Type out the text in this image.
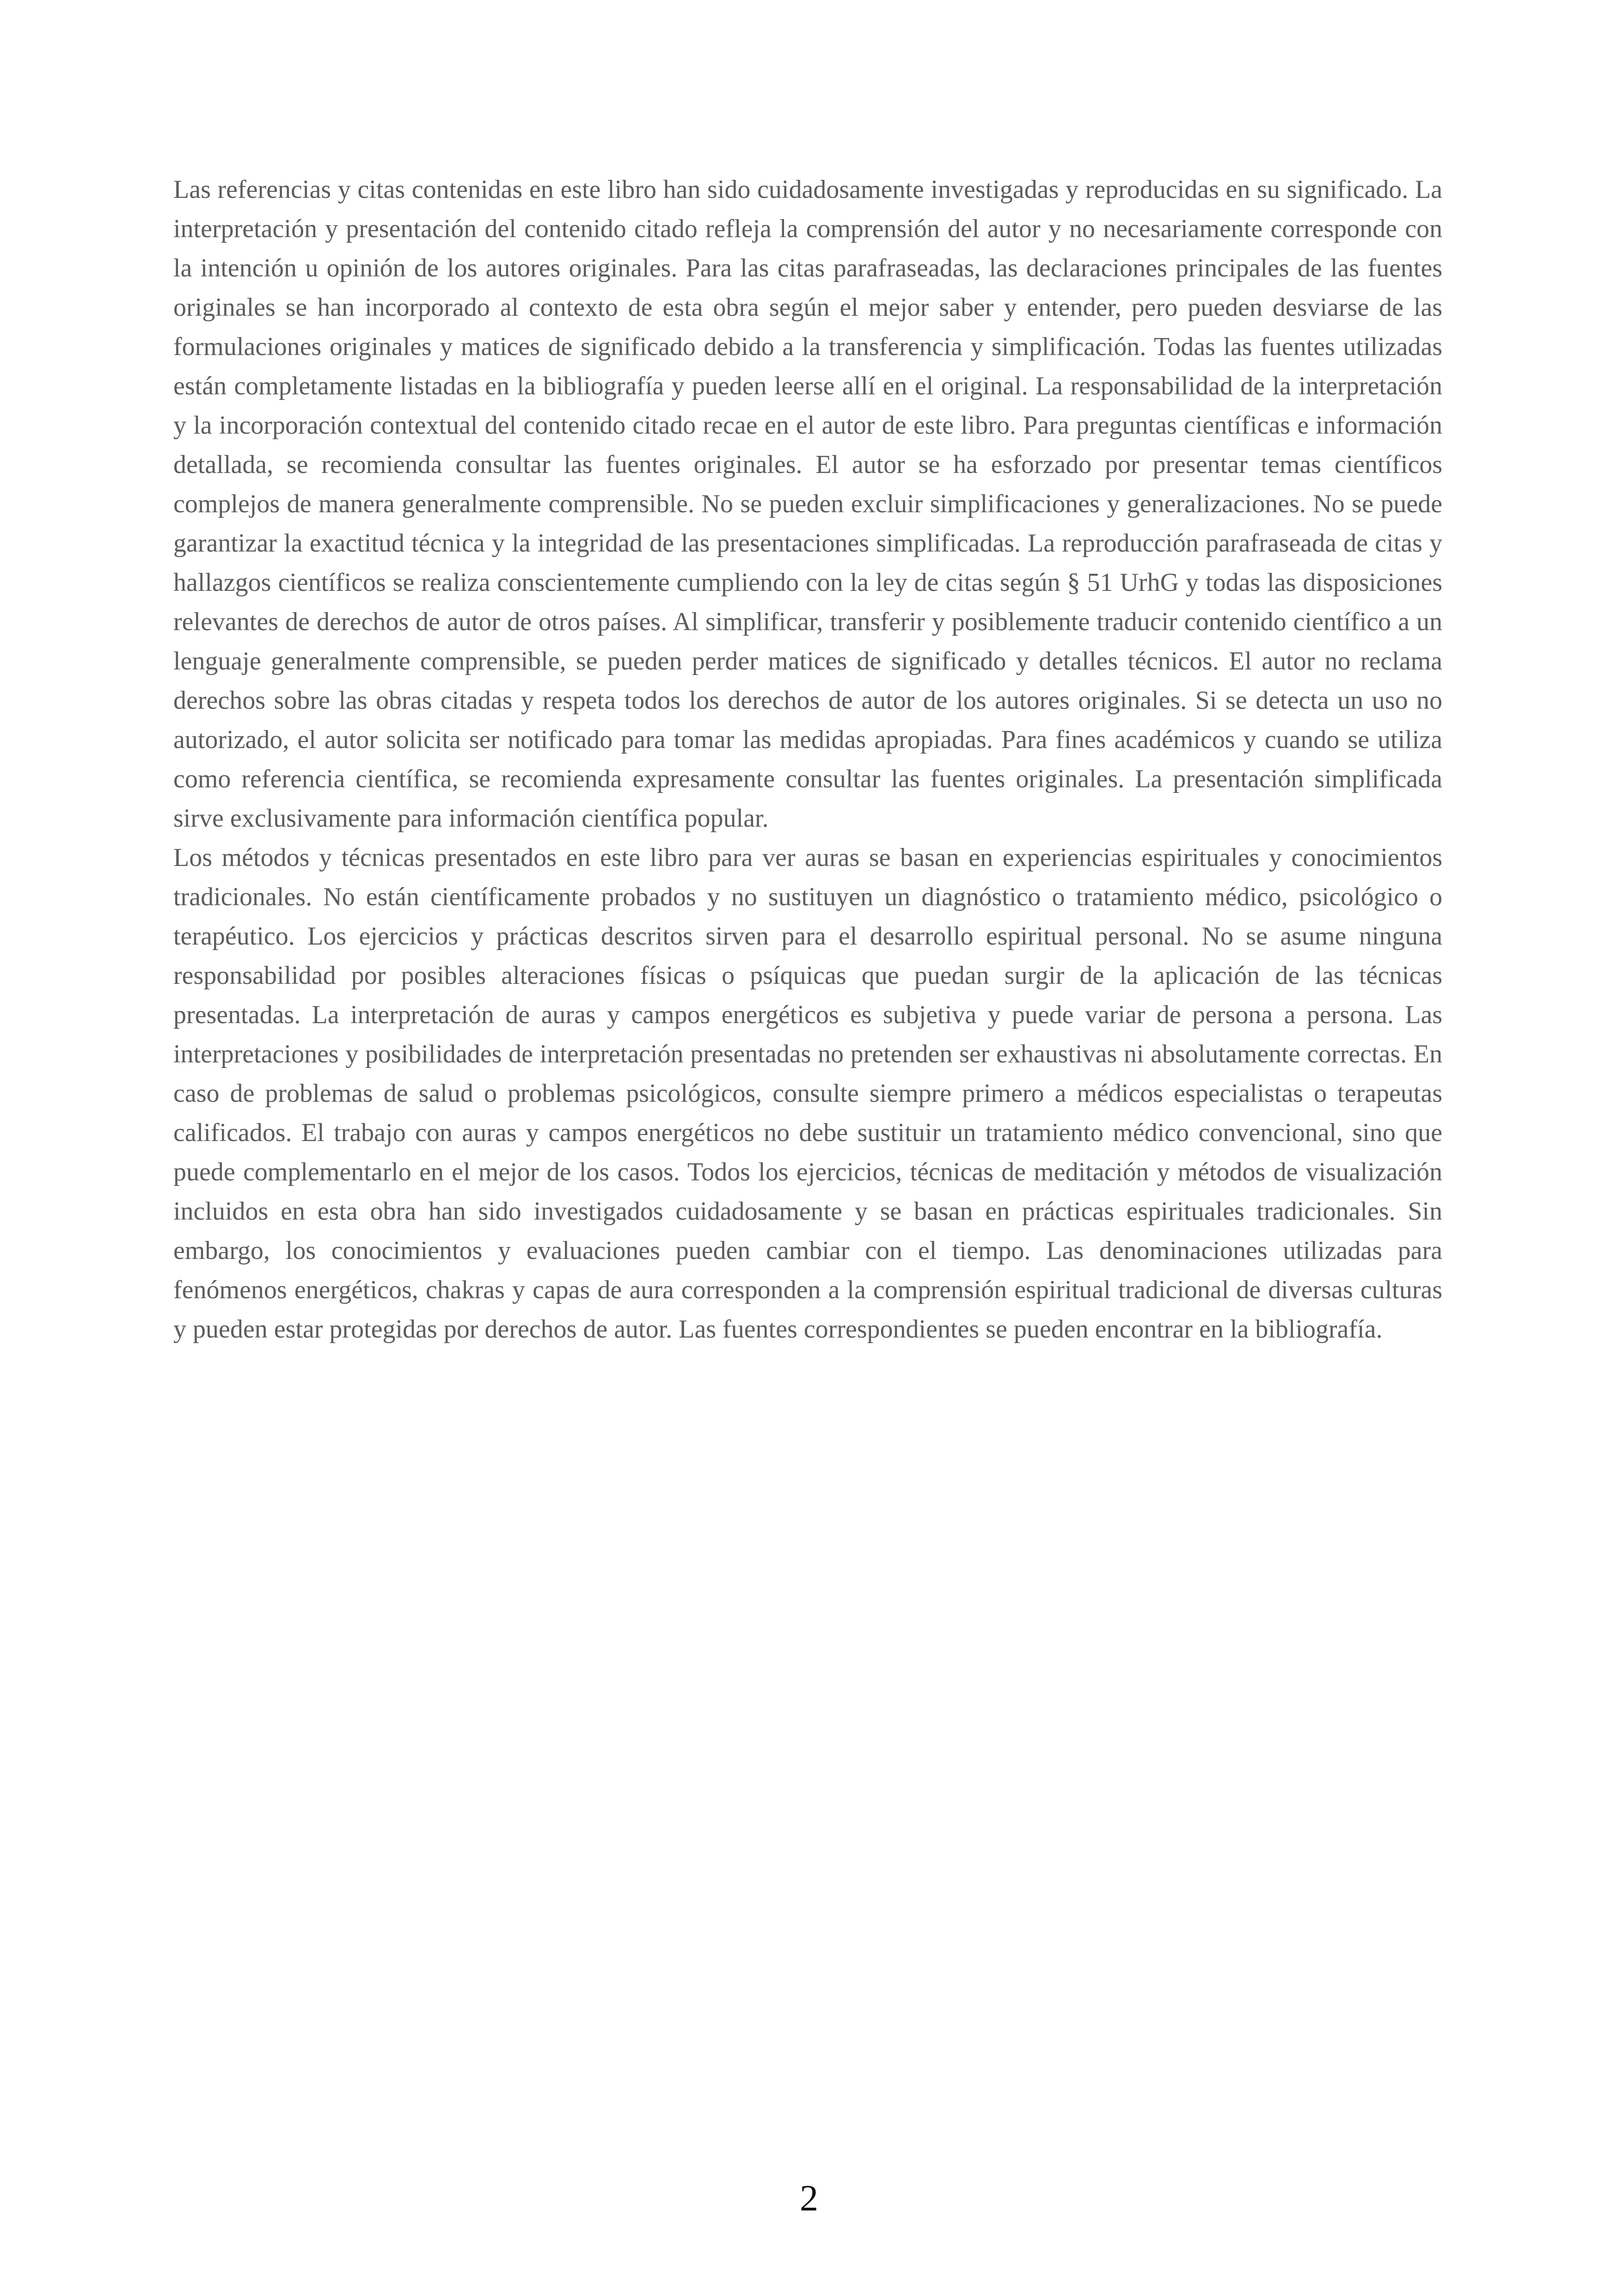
Las referencias y citas contenidas en este libro han sido cuidadosamente investigadas y reproducidas en su significado. La interpretación y presentación del contenido citado refleja la comprensión del autor y no necesariamente corresponde con la intención u opinión de los autores originales. Para las citas parafraseadas, las declaraciones principales de las fuentes originales se han incorporado al contexto de esta obra según el mejor saber y entender, pero pueden desviarse de las formulaciones originales y matices de significado debido a la transferencia y simplificación. Todas las fuentes utilizadas están completamente listadas en la bibliografía y pueden leerse allí en el original. La responsabilidad de la interpretación y la incorporación contextual del contenido citado recae en el autor de este libro. Para preguntas científicas e información detallada, se recomienda consultar las fuentes originales. El autor se ha esforzado por presentar temas científicos complejos de manera generalmente comprensible. No se pueden excluir simplificaciones y generalizaciones. No se puede garantizar la exactitud técnica y la integridad de las presentaciones simplificadas. La reproducción parafraseada de citas y hallazgos científicos se realiza conscientemente cumpliendo con la ley de citas según § 51 UrhG y todas las disposiciones relevantes de derechos de autor de otros países. Al simplificar, transferir y posiblemente traducir contenido científico a un lenguaje generalmente comprensible, se pueden perder matices de significado y detalles técnicos. El autor no reclama derechos sobre las obras citadas y respeta todos los derechos de autor de los autores originales. Si se detecta un uso no autorizado, el autor solicita ser notificado para tomar las medidas apropiadas. Para fines académicos y cuando se utiliza como referencia científica, se recomienda expresamente consultar las fuentes originales. La presentación simplificada sirve exclusivamente para información científica popular.

Los métodos y técnicas presentados en este libro para ver auras se basan en experiencias espirituales y conocimientos tradicionales. No están científicamente probados y no sustituyen un diagnóstico o tratamiento médico, psicológico o terapéutico. Los ejercicios y prácticas descritos sirven para el desarrollo espiritual personal. No se asume ninguna responsabilidad por posibles alteraciones físicas o psíquicas que puedan surgir de la aplicación de las técnicas presentadas. La interpretación de auras y campos energéticos es subjetiva y puede variar de persona a persona. Las interpretaciones y posibilidades de interpretación presentadas no pretenden ser exhaustivas ni absolutamente correctas. En caso de problemas de salud o problemas psicológicos, consulte siempre primero a médicos especialistas o terapeutas calificados. El trabajo con auras y campos energéticos no debe sustituir un tratamiento médico convencional, sino que puede complementarlo en el mejor de los casos. Todos los ejercicios, técnicas de meditación y métodos de visualización incluidos en esta obra han sido investigados cuidadosamente y se basan en prácticas espirituales tradicionales. Sin embargo, los conocimientos y evaluaciones pueden cambiar con el tiempo. Las denominaciones utilizadas para fenómenos energéticos, chakras y capas de aura corresponden a la comprensión espiritual tradicional de diversas culturas y pueden estar protegidas por derechos de autor. Las fuentes correspondientes se pueden encontrar en la bibliografía.

2
